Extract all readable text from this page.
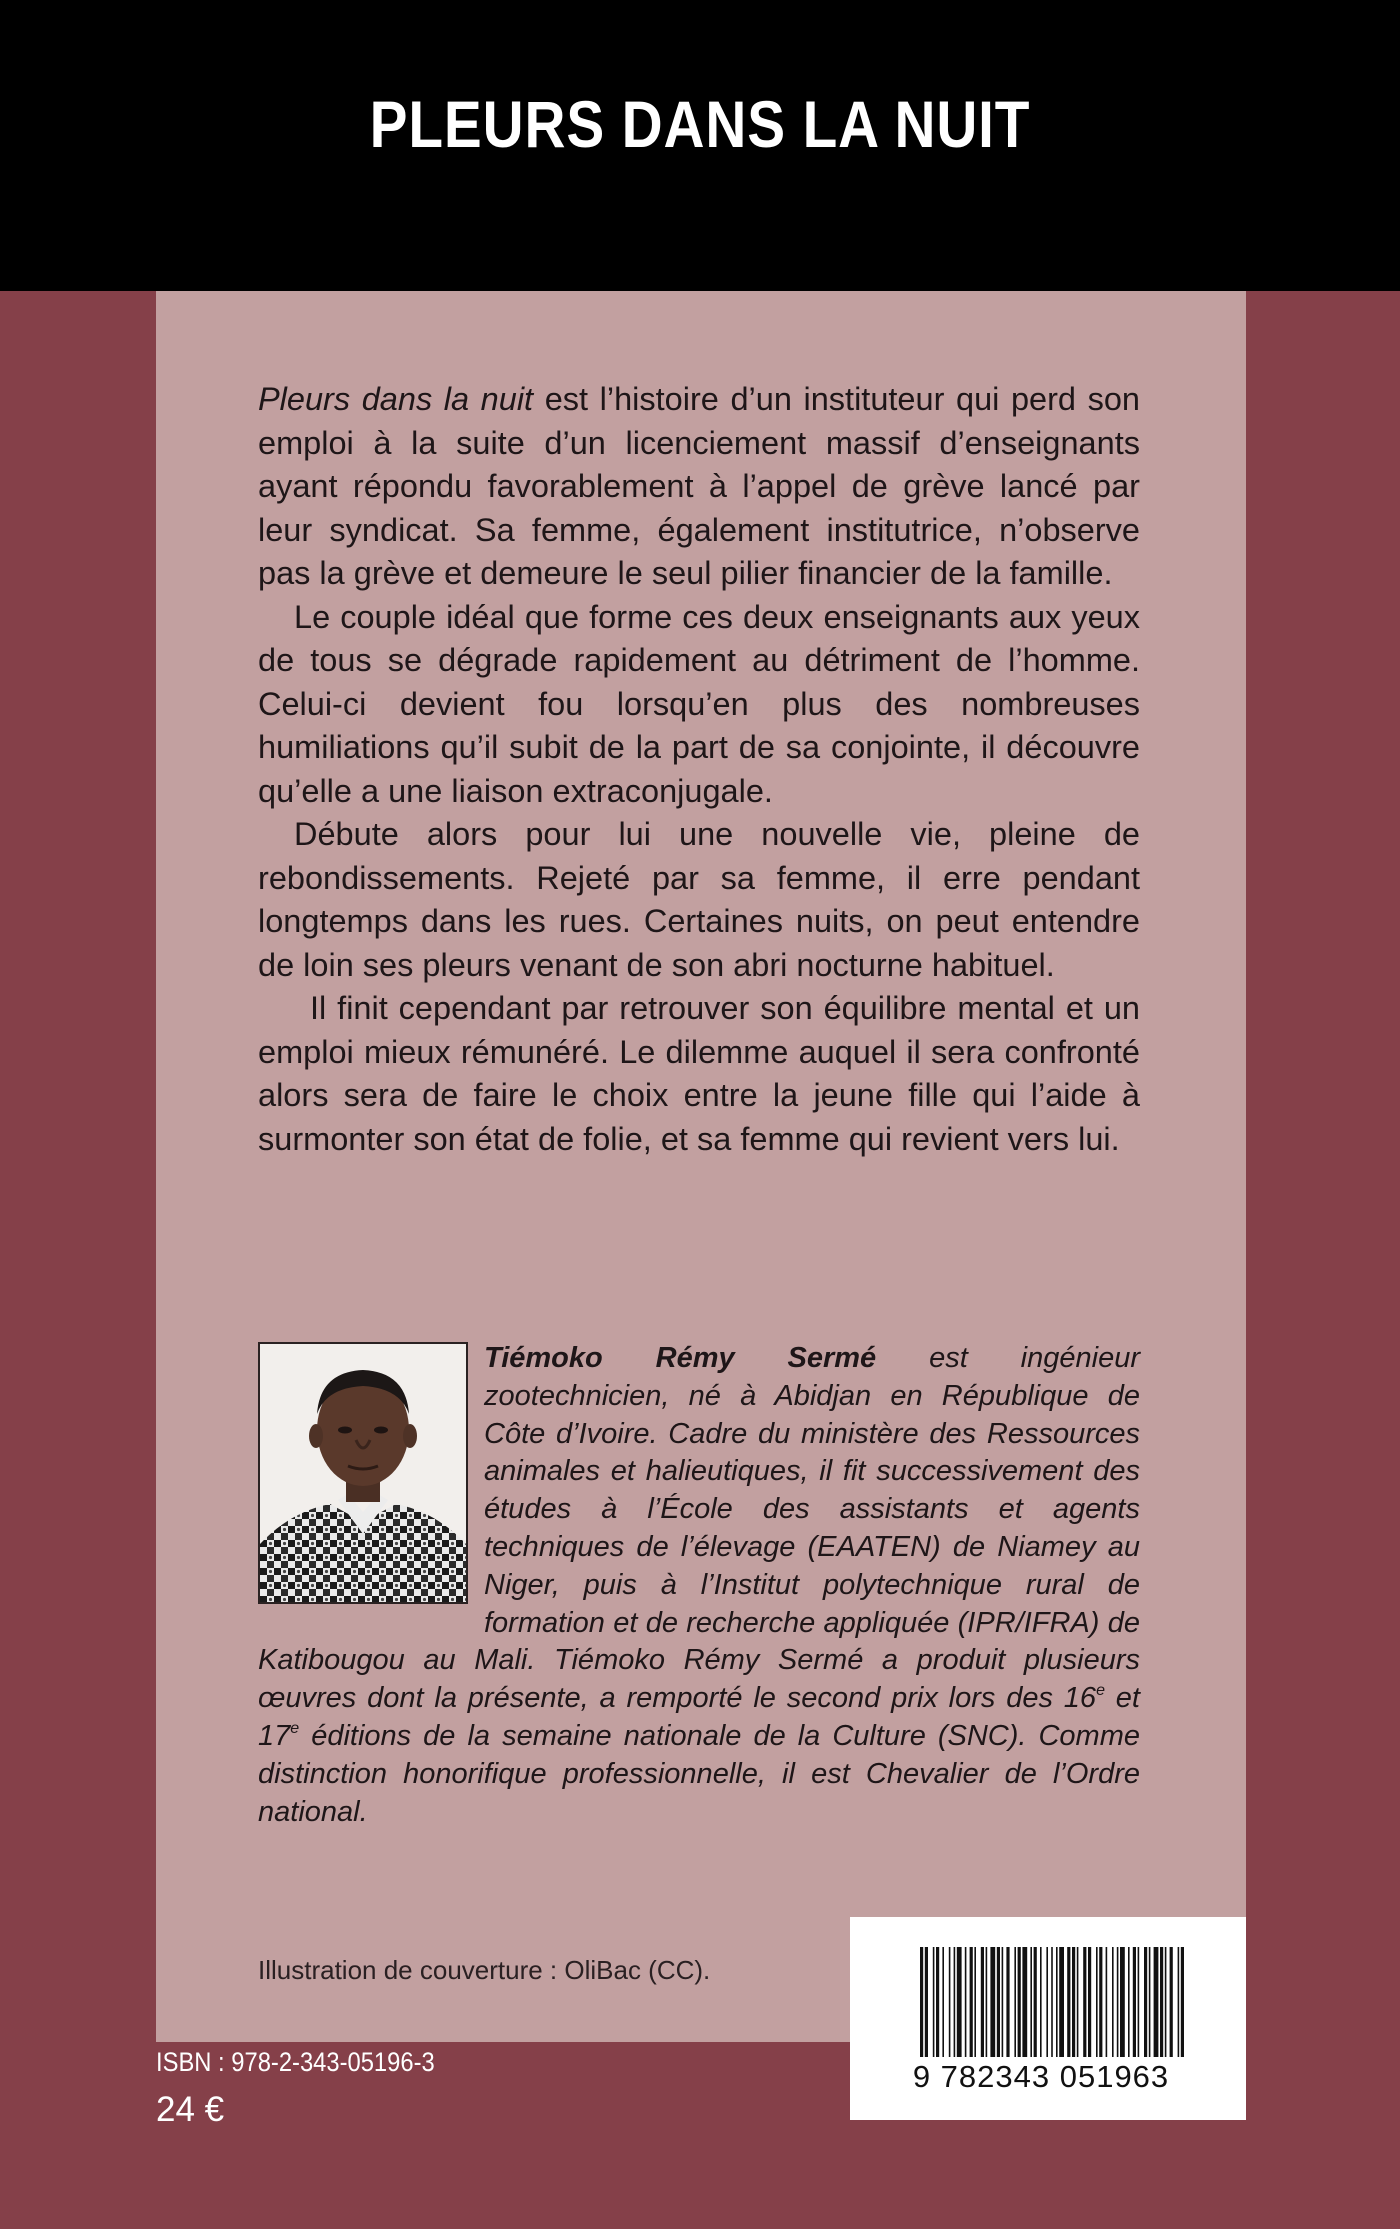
PLEURS DANS LA NUIT

Pleurs dans la nuit est l’histoire d’un instituteur qui perd son emploi à la suite d’un licenciement massif d’enseignants ayant répondu favorablement à l’appel de grève lancé par leur syndicat. Sa femme, également institutrice, n’observe pas la grève et demeure le seul pilier financier de la famille.

Le couple idéal que forme ces deux enseignants aux yeux de tous se dégrade rapidement au détriment de l’homme. Celui-ci devient fou lorsqu’en plus des nombreuses humiliations qu’il subit de la part de sa conjointe, il découvre qu’elle a une liaison extraconjugale.

Débute alors pour lui une nouvelle vie, pleine de rebondissements. Rejeté par sa femme, il erre pendant longtemps dans les rues. Certaines nuits, on peut entendre de loin ses pleurs venant de son abri nocturne habituel.

Il finit cependant par retrouver son équilibre mental et un emploi mieux rémunéré. Le dilemme auquel il sera confronté alors sera de faire le choix entre la jeune fille qui l’aide à surmonter son état de folie, et sa femme qui revient vers lui.

Tiémoko Rémy Sermé est ingénieur zootechnicien, né à Abidjan en République de Côte d’Ivoire. Cadre du ministère des Ressources animales et halieutiques, il fit successivement des études à l’École des assistants et agents techniques de l’élevage (EAATEN) de Niamey au Niger, puis à l’Institut polytechnique rural de formation et de recherche appliquée (IPR/IFRA) de Katibougou au Mali. Tiémoko Rémy Sermé a produit plusieurs œuvres dont la présente, a remporté le second prix lors des 16e et 17e éditions de la semaine nationale de la Culture (SNC). Comme distinction honorifique professionnelle, il est Chevalier de l’Ordre national.

Illustration de couverture : OliBac (CC).

9 782343 051963

ISBN : 978-2-343-05196-3

24 €
